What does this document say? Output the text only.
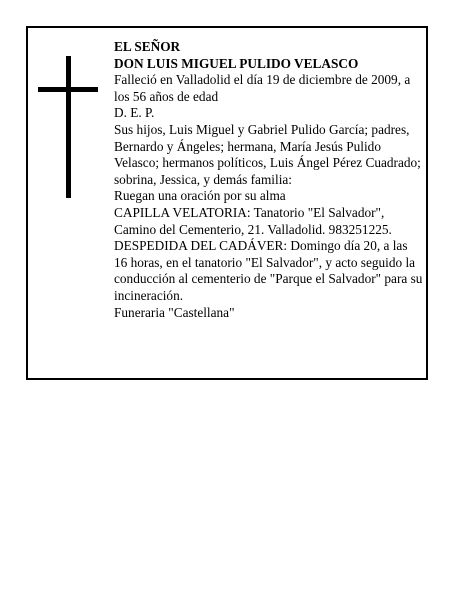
EL SEÑOR

DON LUIS MIGUEL PULIDO VELASCO

Falleció en Valladolid el día 19 de diciembre de 2009, a los 56 años de edad

D. E. P.

Sus hijos, Luis Miguel y Gabriel Pulido García; padres, Bernardo y Ángeles; hermana, María Jesús Pulido Velasco; hermanos políticos, Luis Ángel Pérez Cuadrado; sobrina, Jessica, y demás familia:

Ruegan una oración por su alma

CAPILLA VELATORIA: Tanatorio "El Salvador", Camino del Cementerio, 21. Valladolid. 983251225.

DESPEDIDA DEL CADÁVER: Domingo día 20, a las 16 horas, en el tanatorio "El Salvador", y acto seguido la conducción al cementerio de "Parque el Salvador" para su incineración.

Funeraria "Castellana"
